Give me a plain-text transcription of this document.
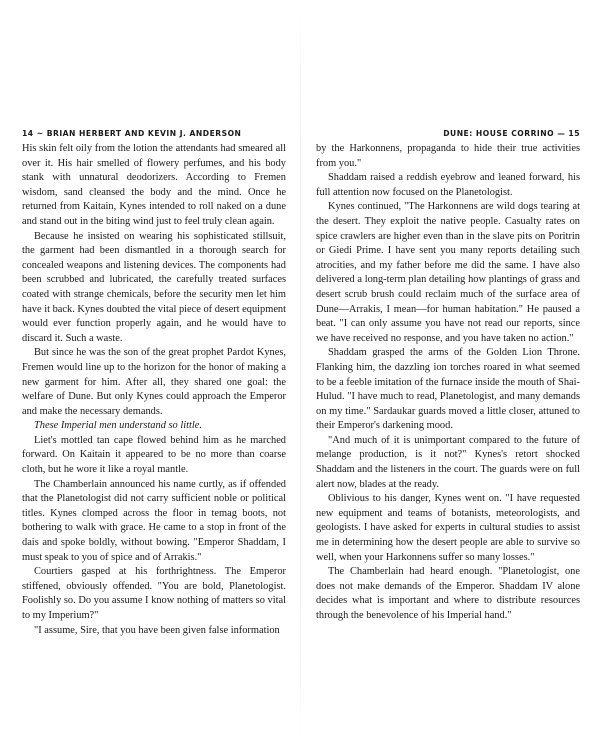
14 ~ BRIAN HERBERT AND KEVIN J. ANDERSON

His skin felt oily from the lotion the attendants had smeared all over it. His hair smelled of flowery perfumes, and his body stank with unnatural deodorizers. According to Fremen wisdom, sand cleansed the body and the mind. Once he returned from Kaitain, Kynes intended to roll naked on a dune and stand out in the biting wind just to feel truly clean again.

Because he insisted on wearing his sophisticated stillsuit, the garment had been dismantled in a thorough search for concealed weapons and listening devices. The components had been scrubbed and lubricated, the carefully treated surfaces coated with strange chemicals, before the security men let him have it back. Kynes doubted the vital piece of desert equipment would ever function properly again, and he would have to discard it. Such a waste.

But since he was the son of the great prophet Pardot Kynes, Fremen would line up to the horizon for the honor of making a new garment for him. After all, they shared one goal: the welfare of Dune. But only Kynes could approach the Emperor and make the necessary demands.

These Imperial men understand so little.

Liet's mottled tan cape flowed behind him as he marched forward. On Kaitain it appeared to be no more than coarse cloth, but he wore it like a royal mantle.

The Chamberlain announced his name curtly, as if offended that the Planetologist did not carry sufficient noble or political titles. Kynes clomped across the floor in temag boots, not bothering to walk with grace. He came to a stop in front of the dais and spoke boldly, without bowing. "Emperor Shaddam, I must speak to you of spice and of Arrakis."

Courtiers gasped at his forthrightness. The Emperor stiffened, obviously offended. "You are bold, Planetologist. Foolishly so. Do you assume I know nothing of matters so vital to my Imperium?"

"I assume, Sire, that you have been given false information

DUNE: HOUSE CORRINO — 15

by the Harkonnens, propaganda to hide their true activities from you."

Shaddam raised a reddish eyebrow and leaned forward, his full attention now focused on the Planetologist.

Kynes continued, "The Harkonnens are wild dogs tearing at the desert. They exploit the native people. Casualty rates on spice crawlers are higher even than in the slave pits on Poritrin or Giedi Prime. I have sent you many reports detailing such atrocities, and my father before me did the same. I have also delivered a long-term plan detailing how plantings of grass and desert scrub brush could reclaim much of the surface area of Dune—Arrakis, I mean—for human habitation." He paused a beat. "I can only assume you have not read our reports, since we have received no response, and you have taken no action."

Shaddam grasped the arms of the Golden Lion Throne. Flanking him, the dazzling ion torches roared in what seemed to be a feeble imitation of the furnace inside the mouth of Shai-Hulud. "I have much to read, Planetologist, and many demands on my time." Sardaukar guards moved a little closer, attuned to their Emperor's darkening mood.

"And much of it is unimportant compared to the future of melange production, is it not?" Kynes's retort shocked Shaddam and the listeners in the court. The guards were on full alert now, blades at the ready.

Oblivious to his danger, Kynes went on. "I have requested new equipment and teams of botanists, meteorologists, and geologists. I have asked for experts in cultural studies to assist me in determining how the desert people are able to survive so well, when your Harkonnens suffer so many losses."

The Chamberlain had heard enough. "Planetologist, one does not make demands of the Emperor. Shaddam IV alone decides what is important and where to distribute resources through the benevolence of his Imperial hand."
